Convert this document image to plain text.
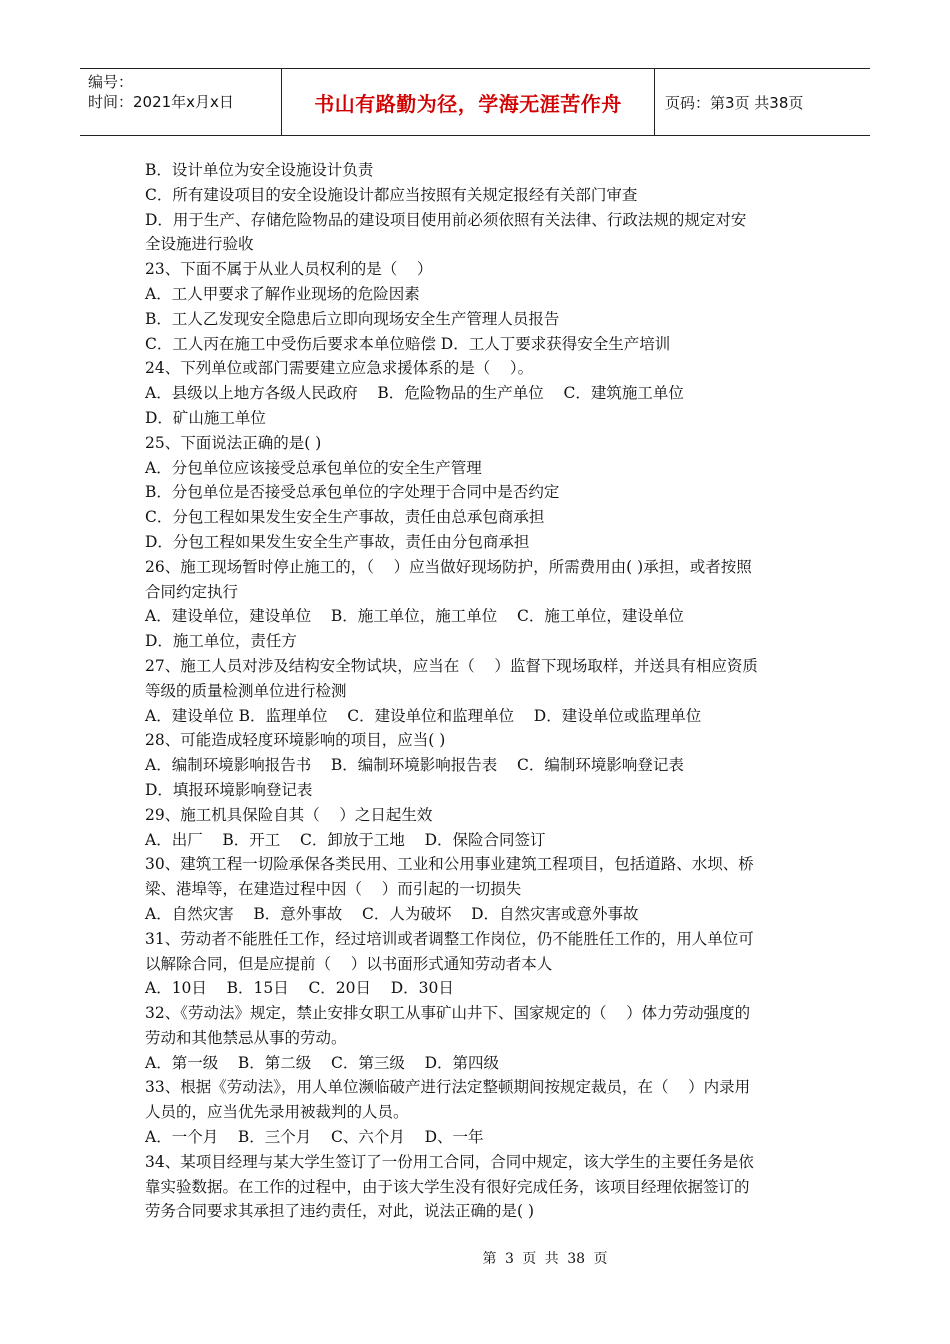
编号：
时间：2021年x月x日	书山有路勤为径，学海无涯苦作舟	页码：第3页 共38页

B．设计单位为安全设施设计负责

C．所有建设项目的安全设施设计都应当按照有关规定报经有关部门审查

D．用于生产、存储危险物品的建设项目使用前必须依照有关法律、行政法规的规定对安

全设施进行验收

23、下面不属于从业人员权利的是（    ）

A．工人甲要求了解作业现场的危险因素

B．工人乙发现安全隐患后立即向现场安全生产管理人员报告

C．工人丙在施工中受伤后要求本单位赔偿 D．工人丁要求获得安全生产培训

24、下列单位或部门需要建立应急求援体系的是（    ）。

A．县级以上地方各级人民政府    B．危险物品的生产单位    C．建筑施工单位

D．矿山施工单位

25、下面说法正确的是( )

A．分包单位应该接受总承包单位的安全生产管理

B．分包单位是否接受总承包单位的字处理于合同中是否约定

C．分包工程如果发生安全生产事故，责任由总承包商承担

D．分包工程如果发生安全生产事故，责任由分包商承担

26、施工现场暂时停止施工的，（    ）应当做好现场防护，所需费用由( )承担，或者按照

合同约定执行

A．建设单位，建设单位    B．施工单位，施工单位    C．施工单位，建设单位

D．施工单位，责任方

27、施工人员对涉及结构安全物试块，应当在（    ）监督下现场取样，并送具有相应资质

等级的质量检测单位进行检测

A．建设单位 B．监理单位    C．建设单位和监理单位    D．建设单位或监理单位

28、可能造成轻度环境影响的项目，应当( )

A．编制环境影响报告书    B．编制环境影响报告表    C．编制环境影响登记表

D．填报环境影响登记表

29、施工机具保险自其（    ）之日起生效

A．出厂    B．开工    C．卸放于工地    D．保险合同签订

30、建筑工程一切险承保各类民用、工业和公用事业建筑工程项目，包括道路、水坝、桥

梁、港埠等，在建造过程中因（    ）而引起的一切损失

A．自然灾害    B．意外事故    C．人为破坏    D．自然灾害或意外事故

31、劳动者不能胜任工作，经过培训或者调整工作岗位，仍不能胜任工作的，用人单位可

以解除合同，但是应提前（    ）以书面形式通知劳动者本人

A．10日    B．15日    C．20日    D．30日

32、《劳动法》规定，禁止安排女职工从事矿山井下、国家规定的（    ）体力劳动强度的

劳动和其他禁忌从事的劳动。

A．第一级    B．第二级    C．第三级    D．第四级

33、根据《劳动法》，用人单位濒临破产进行法定整顿期间按规定裁员，在（    ）内录用

人员的，应当优先录用被裁判的人员。

A．一个月    B．三个月    C、六个月    D、一年

34、某项目经理与某大学生签订了一份用工合同，合同中规定，该大学生的主要任务是依

靠实验数据。在工作的过程中，由于该大学生没有很好完成任务，该项目经理依据签订的

劳务合同要求其承担了违约责任，对此，说法正确的是( )

第 3 页 共 38 页
